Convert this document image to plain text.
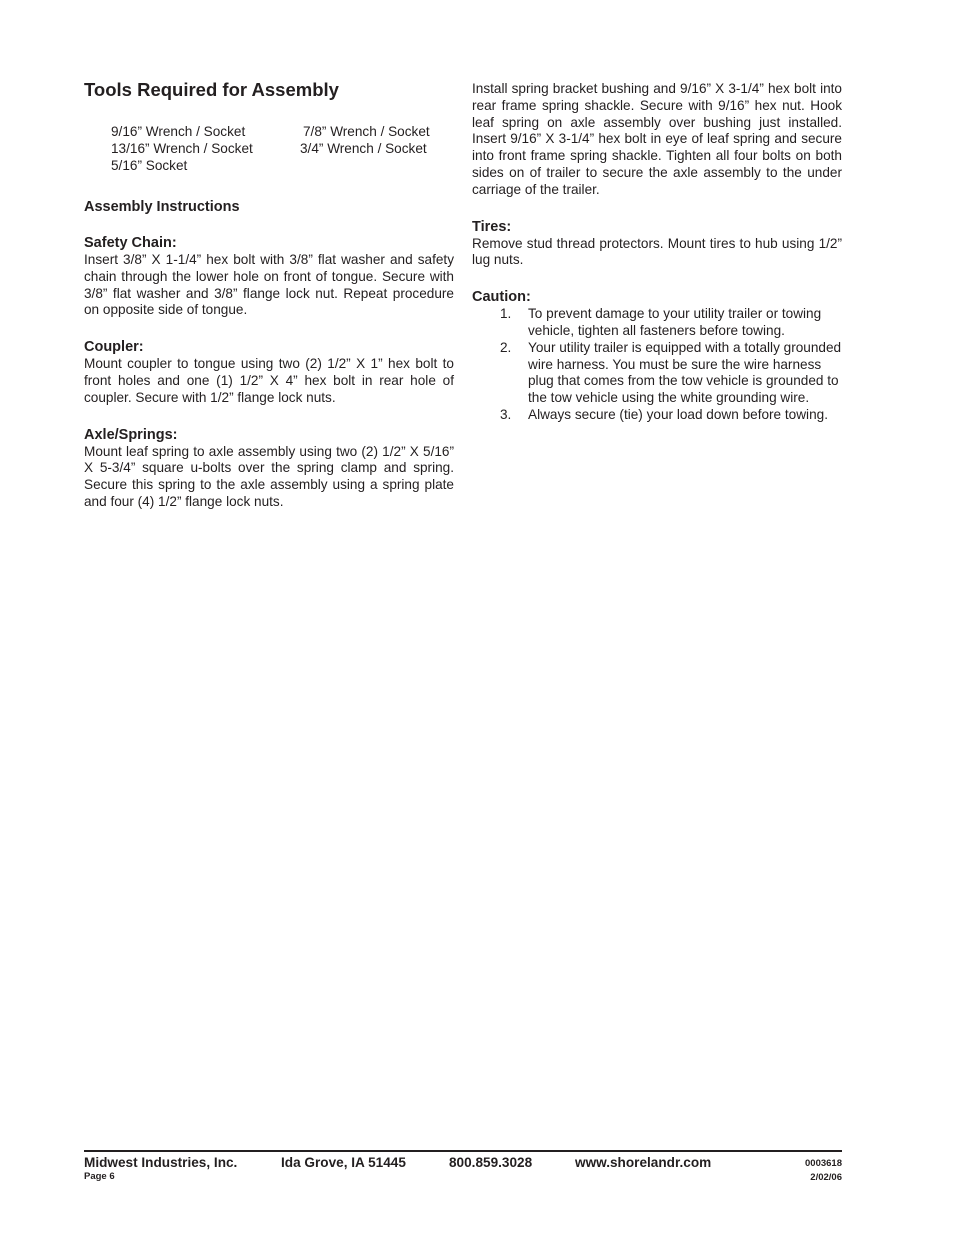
Tools Required for Assembly
9/16” Wrench / Socket	7/8” Wrench / Socket
13/16” Wrench / Socket	3/4” Wrench / Socket
5/16” Socket
Assembly Instructions
Safety Chain:

Insert 3/8” X 1-1/4” hex bolt with 3/8” flat washer and safety chain through the lower hole on front of tongue. Secure with 3/8” flat washer and 3/8” flange lock nut. Repeat procedure on opposite side of tongue.

Coupler:

Mount coupler to tongue using two (2) 1/2” X 1” hex bolt to front holes and one (1) 1/2” X 4” hex bolt in rear hole of coupler. Secure with 1/2” flange lock nuts.

Axle/Springs:

Mount leaf spring to axle assembly using two (2) 1/2” X 5/16” X 5-3/4” square u-bolts over the spring clamp and spring. Secure this spring to the axle assembly using a spring plate and four (4) 1/2” flange lock nuts.

Install spring bracket bushing and 9/16” X 3-1/4” hex bolt into rear frame spring shackle. Secure with 9/16” hex nut. Hook leaf spring on axle assembly over bushing just installed. Insert 9/16” X 3-1/4” hex bolt in eye of leaf spring and secure into front frame spring shackle. Tighten all four bolts on both sides on of trailer to secure the axle assembly to the under carriage of the trailer.

Tires:

Remove stud thread protectors. Mount tires to hub using 1/2” lug nuts.

Caution:
1. To prevent damage to your utility trailer or towing vehicle, tighten all fasteners before towing.
2. Your utility trailer is equipped with a totally grounded wire harness. You must be sure the wire harness plug that comes from the tow vehicle is grounded to the tow vehicle using the white grounding wire.
3. Always secure (tie) your load down before towing.
Midwest Industries, Inc.	Ida Grove, IA 51445	800.859.3028	www.shorelandr.com
Page 6
0003618
2/02/06
